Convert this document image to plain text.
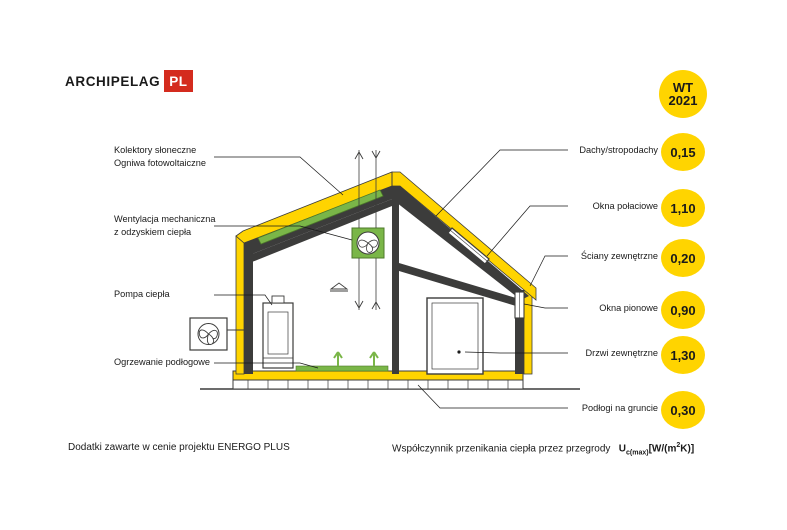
ARCHIPELAG PL
Kolektory słoneczne
Ogniwa fotowoltaiczne
Wentylacja mechaniczna
z odzyskiem ciepła
Pompa ciepła
Ogrzewanie podłogowe
Dachy/stropodachy
Okna połaciowe
Ściany zewnętrzne
Okna pionowe
Drzwi zewnętrzne
Podłogi na gruncie
WT
2021
0,15
1,10
0,20
0,90
1,30
0,30
Dodatki zawarte w cenie projektu ENERGO PLUS	Współczynnik przenikania ciepła przez przegrody $U_{c(max)}[W/(m^2K)]$
